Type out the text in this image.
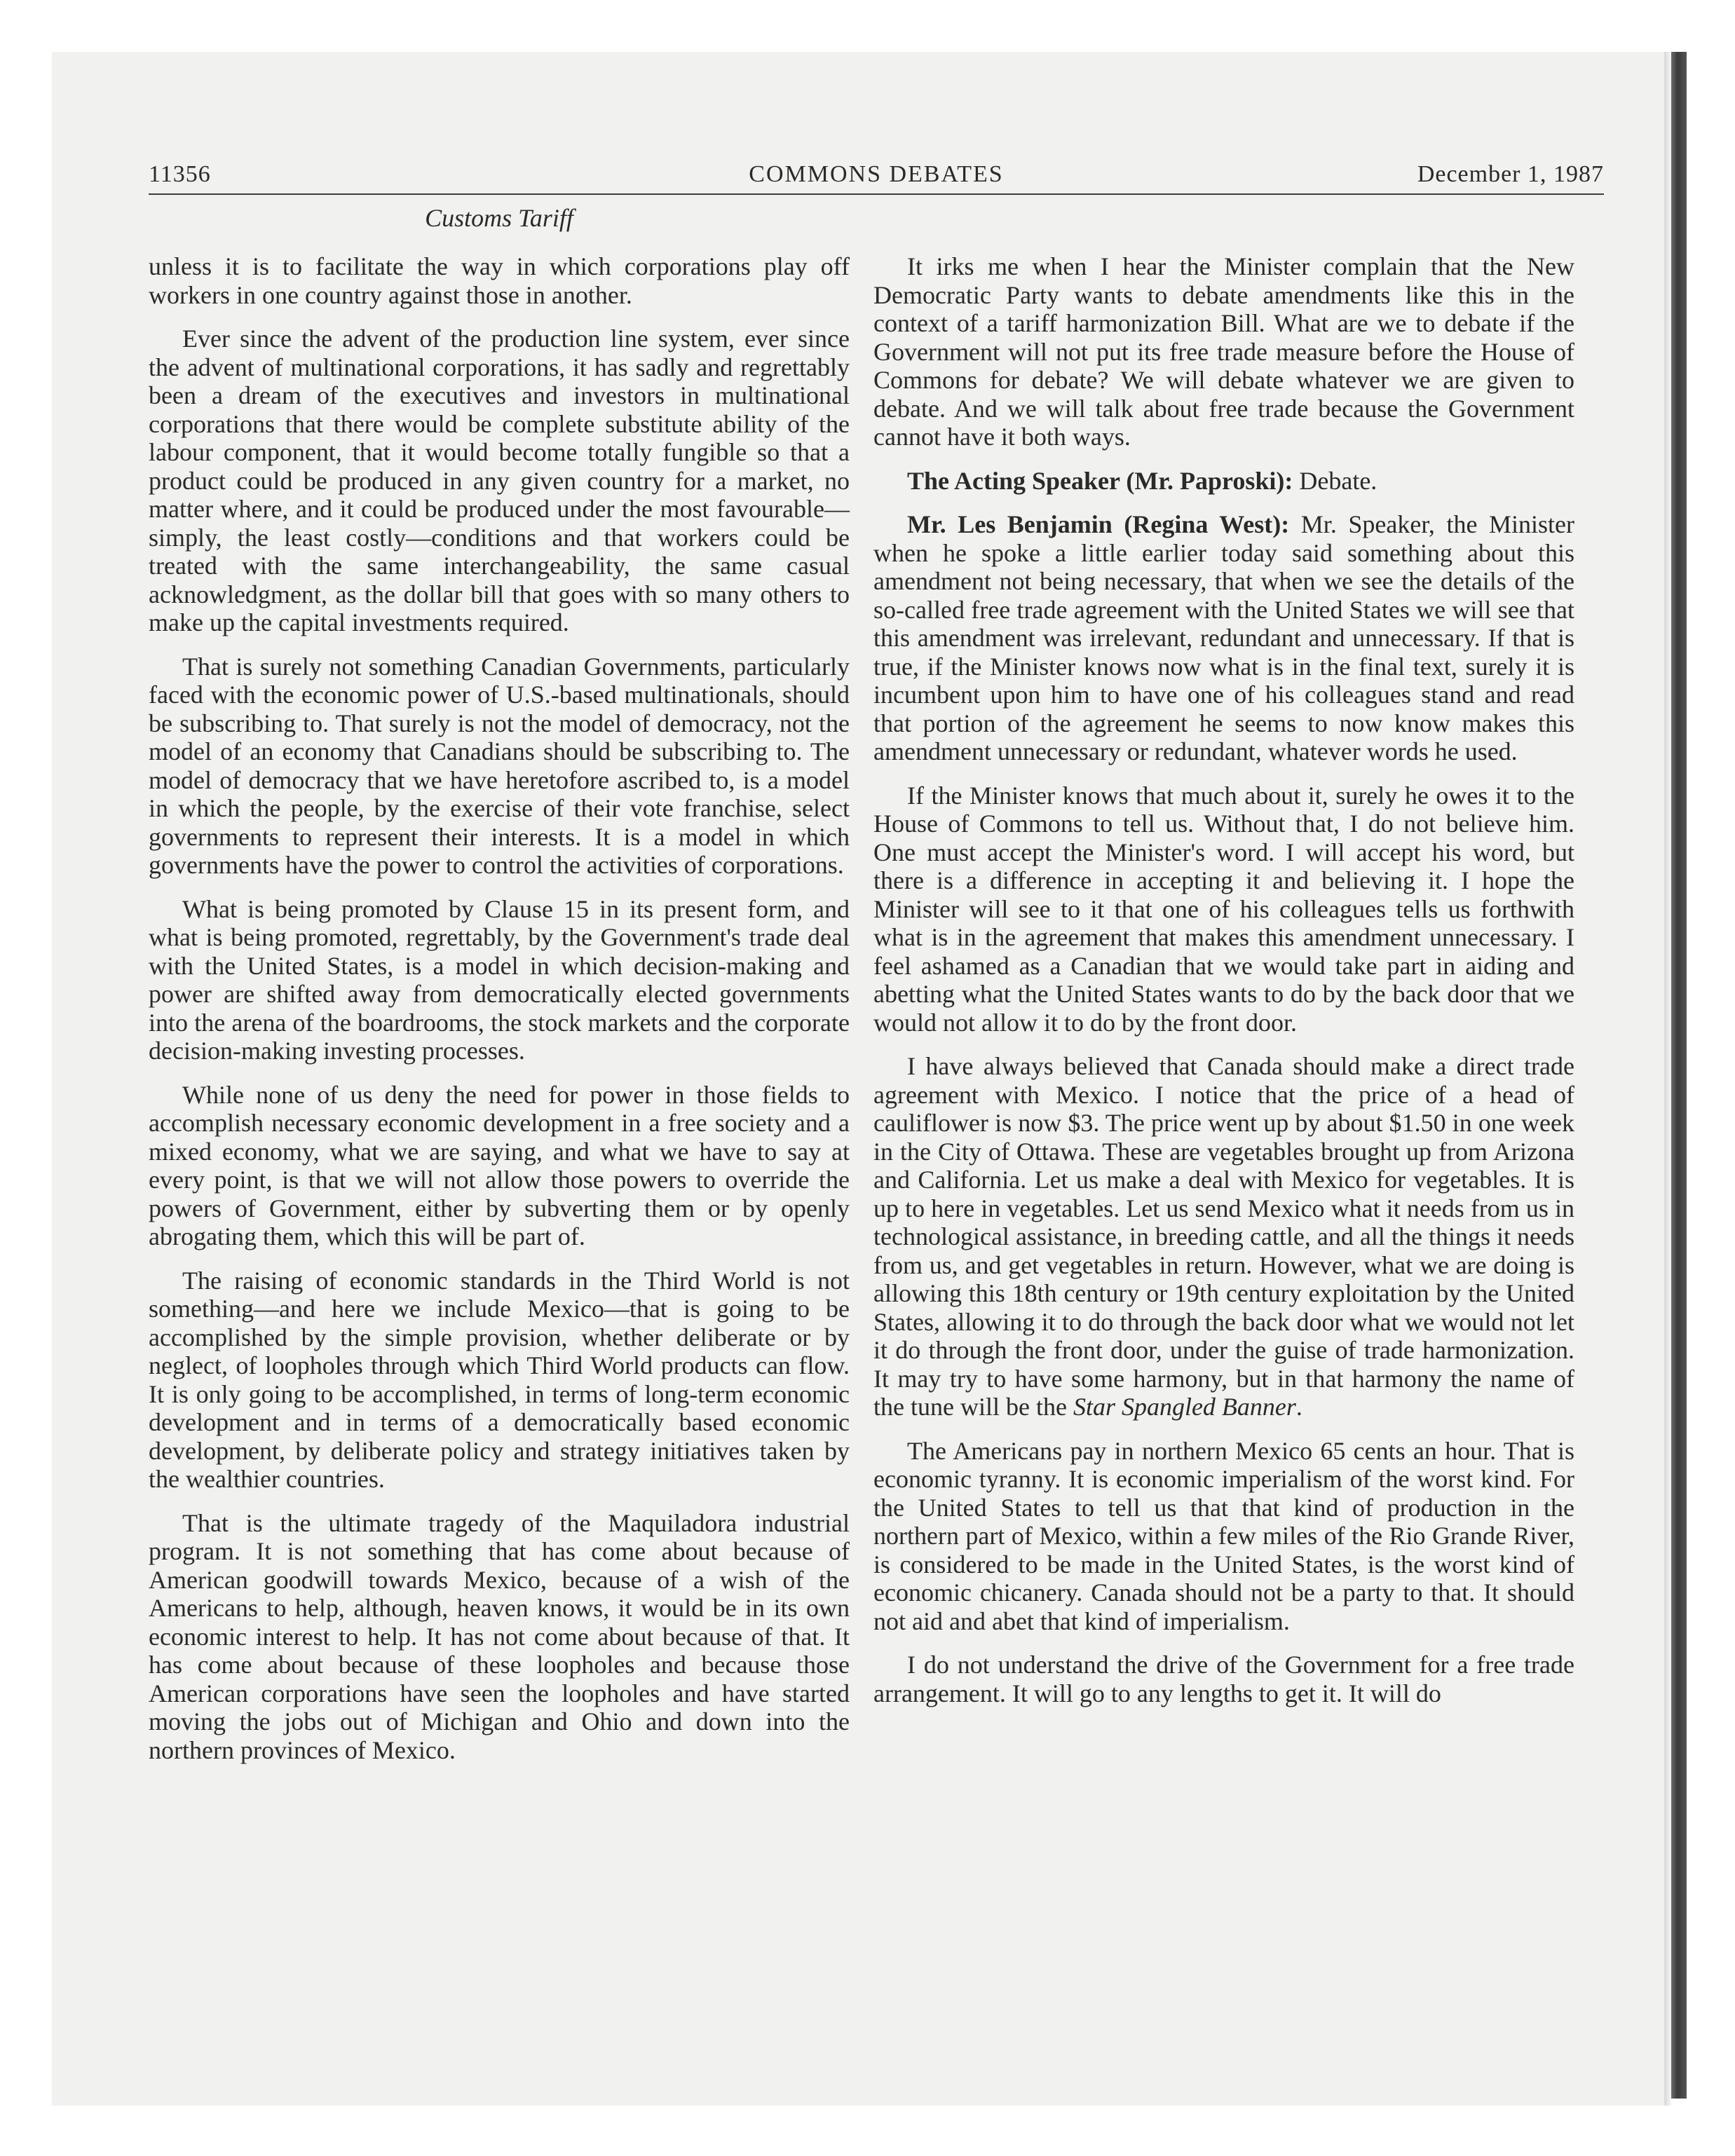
11356	COMMONS DEBATES	December 1, 1987
Customs Tariff

unless it is to facilitate the way in which corporations play off workers in one country against those in another.

Ever since the advent of the production line system, ever since the advent of multinational corporations, it has sadly and regrettably been a dream of the executives and investors in multinational corporations that there would be complete substitute ability of the labour component, that it would become totally fungible so that a product could be produced in any given country for a market, no matter where, and it could be produced under the most favourable—simply, the least costly—conditions and that workers could be treated with the same interchangeability, the same casual acknowledgment, as the dollar bill that goes with so many others to make up the capital investments required.

That is surely not something Canadian Governments, particularly faced with the economic power of U.S.-based multinationals, should be subscribing to. That surely is not the model of democracy, not the model of an economy that Canadians should be subscribing to. The model of democracy that we have heretofore ascribed to, is a model in which the people, by the exercise of their vote franchise, select governments to represent their interests. It is a model in which governments have the power to control the activities of corporations.

What is being promoted by Clause 15 in its present form, and what is being promoted, regrettably, by the Government's trade deal with the United States, is a model in which decision-making and power are shifted away from democratically elected governments into the arena of the boardrooms, the stock markets and the corporate decision-making investing processes.

While none of us deny the need for power in those fields to accomplish necessary economic development in a free society and a mixed economy, what we are saying, and what we have to say at every point, is that we will not allow those powers to override the powers of Government, either by subverting them or by openly abrogating them, which this will be part of.

The raising of economic standards in the Third World is not something—and here we include Mexico—that is going to be accomplished by the simple provision, whether deliberate or by neglect, of loopholes through which Third World products can flow. It is only going to be accomplished, in terms of long-term economic development and in terms of a democratically based economic development, by deliberate policy and strategy initiatives taken by the wealthier countries.

That is the ultimate tragedy of the Maquiladora industrial program. It is not something that has come about because of American goodwill towards Mexico, because of a wish of the Americans to help, although, heaven knows, it would be in its own economic interest to help. It has not come about because of that. It has come about because of these loopholes and because those American corporations have seen the loopholes and have started moving the jobs out of Michigan and Ohio and down into the northern provinces of Mexico.

It irks me when I hear the Minister complain that the New Democratic Party wants to debate amendments like this in the context of a tariff harmonization Bill. What are we to debate if the Government will not put its free trade measure before the House of Commons for debate? We will debate whatever we are given to debate. And we will talk about free trade because the Government cannot have it both ways.

The Acting Speaker (Mr. Paproski): Debate.

Mr. Les Benjamin (Regina West): Mr. Speaker, the Minister when he spoke a little earlier today said something about this amendment not being necessary, that when we see the details of the so-called free trade agreement with the United States we will see that this amendment was irrelevant, redundant and unnecessary. If that is true, if the Minister knows now what is in the final text, surely it is incumbent upon him to have one of his colleagues stand and read that portion of the agreement he seems to now know makes this amendment unnecessary or redundant, whatever words he used.

If the Minister knows that much about it, surely he owes it to the House of Commons to tell us. Without that, I do not believe him. One must accept the Minister's word. I will accept his word, but there is a difference in accepting it and believing it. I hope the Minister will see to it that one of his colleagues tells us forthwith what is in the agreement that makes this amendment unnecessary. I feel ashamed as a Canadian that we would take part in aiding and abetting what the United States wants to do by the back door that we would not allow it to do by the front door.

I have always believed that Canada should make a direct trade agreement with Mexico. I notice that the price of a head of cauliflower is now $3. The price went up by about $1.50 in one week in the City of Ottawa. These are vegetables brought up from Arizona and California. Let us make a deal with Mexico for vegetables. It is up to here in vegetables. Let us send Mexico what it needs from us in technological assistance, in breeding cattle, and all the things it needs from us, and get vegetables in return. However, what we are doing is allowing this 18th century or 19th century exploitation by the United States, allowing it to do through the back door what we would not let it do through the front door, under the guise of trade harmonization. It may try to have some harmony, but in that harmony the name of the tune will be the Star Spangled Banner.

The Americans pay in northern Mexico 65 cents an hour. That is economic tyranny. It is economic imperialism of the worst kind. For the United States to tell us that that kind of production in the northern part of Mexico, within a few miles of the Rio Grande River, is considered to be made in the United States, is the worst kind of economic chicanery. Canada should not be a party to that. It should not aid and abet that kind of imperialism.

I do not understand the drive of the Government for a free trade arrangement. It will go to any lengths to get it. It will do
